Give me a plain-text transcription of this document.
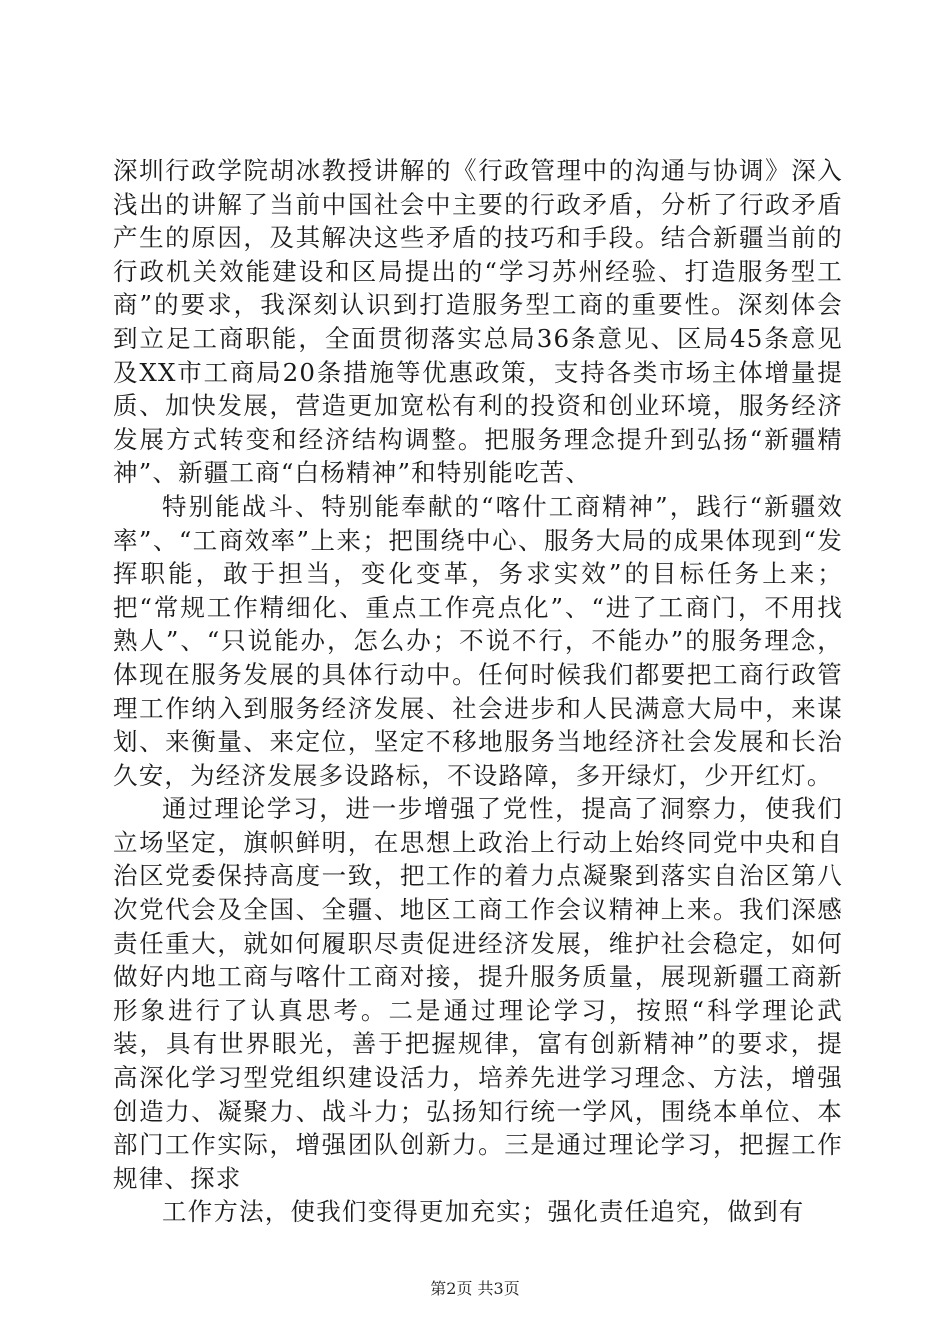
深圳行政学院胡冰教授讲解的《行政管理中的沟通与协调》深入浅出的讲解了当前中国社会中主要的行政矛盾，分析了行政矛盾产生的原因，及其解决这些矛盾的技巧和手段。结合新疆当前的行政机关效能建设和区局提出的“学习苏州经验、打造服务型工商”的要求，我深刻认识到打造服务型工商的重要性。深刻体会到立足工商职能，全面贯彻落实总局36条意见、区局45条意见及XX市工商局20条措施等优惠政策，支持各类市场主体增量提质、加快发展，营造更加宽松有利的投资和创业环境，服务经济发展方式转变和经济结构调整。把服务理念提升到弘扬“新疆精神”、新疆工商“白杨精神”和特别能吃苦、

特别能战斗、特别能奉献的“喀什工商精神”，践行“新疆效率”、“工商效率”上来；把围绕中心、服务大局的成果体现到“发挥职能，敢于担当，变化变革，务求实效”的目标任务上来；把“常规工作精细化、重点工作亮点化”、“进了工商门，不用找熟人”、“只说能办，怎么办；不说不行，不能办”的服务理念，体现在服务发展的具体行动中。任何时候我们都要把工商行政管理工作纳入到服务经济发展、社会进步和人民满意大局中，来谋划、来衡量、来定位，坚定不移地服务当地经济社会发展和长治久安，为经济发展多设路标，不设路障，多开绿灯，少开红灯。

通过理论学习，进一步增强了党性，提高了洞察力，使我们立场坚定，旗帜鲜明，在思想上政治上行动上始终同党中央和自治区党委保持高度一致，把工作的着力点凝聚到落实自治区第八次党代会及全国、全疆、地区工商工作会议精神上来。我们深感责任重大，就如何履职尽责促进经济发展，维护社会稳定，如何做好内地工商与喀什工商对接，提升服务质量，展现新疆工商新形象进行了认真思考。二是通过理论学习，按照“科学理论武装，具有世界眼光，善于把握规律，富有创新精神”的要求，提高深化学习型党组织建设活力，培养先进学习理念、方法，增强创造力、凝聚力、战斗力；弘扬知行统一学风，围绕本单位、本部门工作实际，增强团队创新力。三是通过理论学习，把握工作规律、探求

工作方法，使我们变得更加充实；强化责任追究，做到有

第2页 共3页
